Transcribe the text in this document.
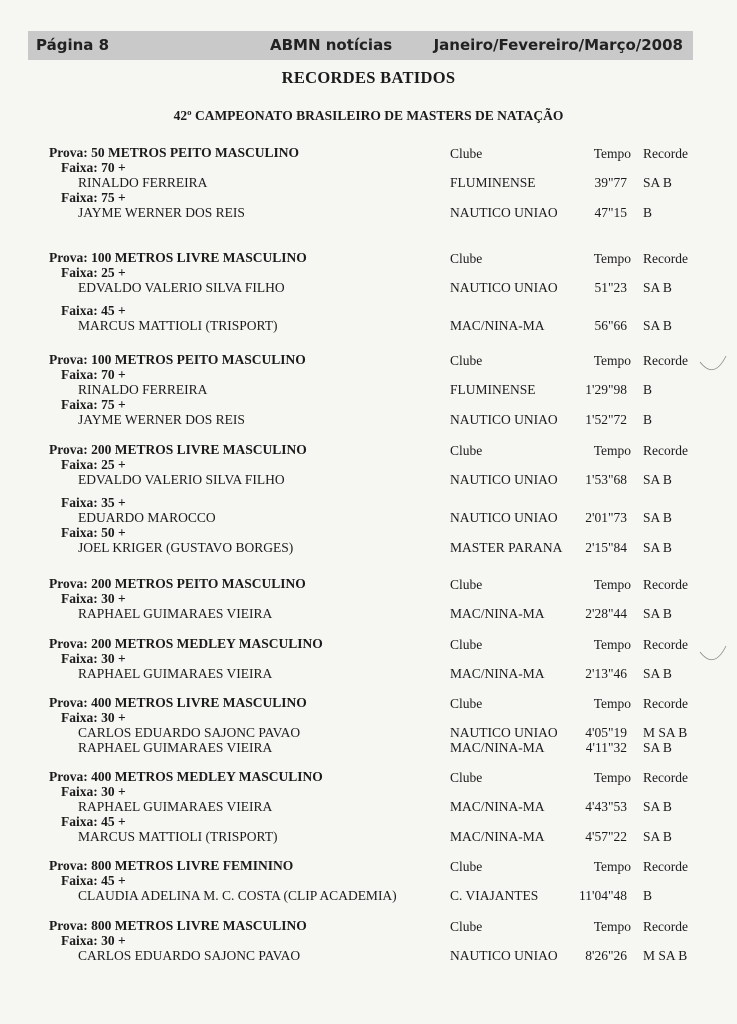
Página 8	ABMN notícias	Janeiro/Fevereiro/Março/2008
RECORDES BATIDOS
42º CAMPEONATO BRASILEIRO DE MASTERS DE NATAÇÃO
Prova: 50 METROS PEITO MASCULINO	Clube	Tempo Recorde
Faixa: 70 +
RINALDO FERREIRA	FLUMINENSE	39"77 SA B
Faixa: 75 +
JAYME WERNER DOS REIS	NAUTICO UNIAO	47"15 B
Prova: 100 METROS LIVRE MASCULINO	Clube	Tempo Recorde
Faixa: 25 +
EDVALDO VALERIO SILVA FILHO	NAUTICO UNIAO	51"23 SA B
Faixa: 45 +
MARCUS MATTIOLI (TRISPORT)	MAC/NINA-MA	56"66 SA B
Prova: 100 METROS PEITO MASCULINO	Clube	Tempo Recorde
Faixa: 70 +
RINALDO FERREIRA	FLUMINENSE	1'29"98 B
Faixa: 75 +
JAYME WERNER DOS REIS	NAUTICO UNIAO 1'52"72 B
Prova: 200 METROS LIVRE MASCULINO	Clube	Tempo Recorde
Faixa: 25 +
EDVALDO VALERIO SILVA FILHO	NAUTICO UNIAO 1'53"68 SA B
Faixa: 35 +
EDUARDO MAROCCO	NAUTICO UNIAO 2'01"73 SA B
Faixa: 50 +
JOEL KRIGER (GUSTAVO BORGES)	MASTER PARANA 2'15"84 SA B
Prova: 200 METROS PEITO MASCULINO	Clube	Tempo Recorde
Faixa: 30 +
RAPHAEL GUIMARAES VIEIRA	MAC/NINA-MA	2'28"44 SA B
Prova: 200 METROS MEDLEY MASCULINO	Clube	Tempo Recorde
Faixa: 30 +
RAPHAEL GUIMARAES VIEIRA	MAC/NINA-MA	2'13"46 SA B
Prova: 400 METROS LIVRE MASCULINO	Clube	Tempo Recorde
Faixa: 30 +
CARLOS EDUARDO SAJONC PAVAO	NAUTICO UNIAO 4'05"19 M SA B
RAPHAEL GUIMARAES VIEIRA	MAC/NINA-MA	4'11"32 SA B
Prova: 400 METROS MEDLEY MASCULINO	Clube	Tempo Recorde
Faixa: 30 +
RAPHAEL GUIMARAES VIEIRA	MAC/NINA-MA	4'43"53 SA B
Faixa: 45 +
MARCUS MATTIOLI (TRISPORT)	MAC/NINA-MA	4'57"22 SA B
Prova: 800 METROS LIVRE FEMININO	Clube	Tempo Recorde
Faixa: 45 +
CLAUDIA ADELINA M. C. COSTA (CLIP ACADEMIA)	C. VIAJANTES	11'04"48 B
Prova: 800 METROS LIVRE MASCULINO	Clube	Tempo Recorde
Faixa: 30 +
CARLOS EDUARDO SAJONC PAVAO	NAUTICO UNIAO 8'26"26 M SA B
